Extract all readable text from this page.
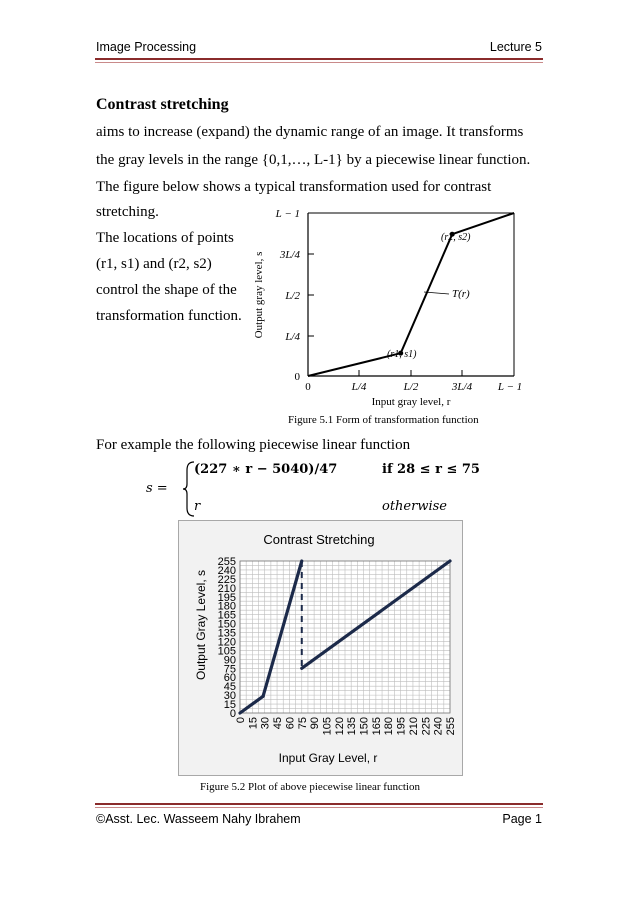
Image Processing	Lecture 5
Contrast stretching
aims to increase (expand) the dynamic range of an image. It transforms
the gray levels in the range {0,1,…, L-1} by a piecewise linear function.
The figure below shows a typical transformation used for contrast
stretching.
The locations of points
(r1, s1) and (r2, s2)
control the shape of the
transformation function.
L − 1
3L/4
L/2
L/4
0
0	L/4	L/2	3L/4 L − 1
Input gray level, r
Output gray level, s
(r1, s1)
(r2, s2)
T(r)
Figure 5.1 Form of transformation function
For example the following piecewise linear function
s =
(227 ∗ r − 5040)/47	if 28 ≤ r ≤ 75
r	otherwise
Contrast Stretching
0
0
15
15
30
30
45
45
60
60
75
75
90
90
105
105
120
120
135
135
150
150
165
165
180
180
195
195
210
210
225
225
240
240
255
255
Input Gray Level, r
Output Gray Level, s
Figure 5.2 Plot of above piecewise linear function
©Asst. Lec. Wasseem Nahy Ibrahem	Page 1
